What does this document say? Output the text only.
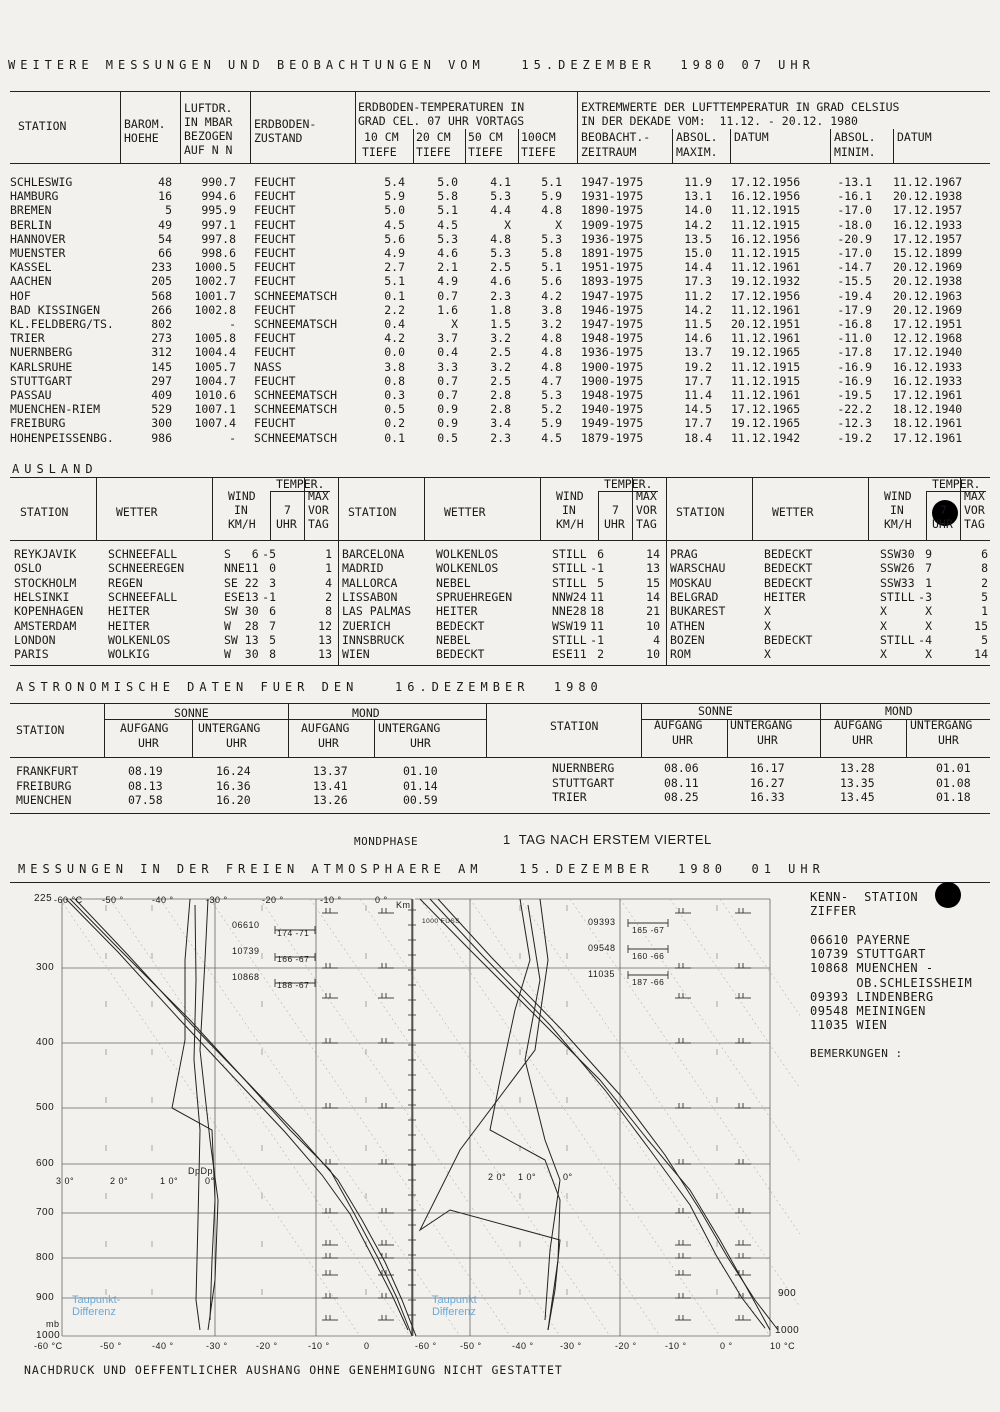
WEITERE MESSUNGEN UND BEOBACHTUNGEN VOM   15.DEZEMBER  1980 07 UHR
STATION	BAROM.
HOEHE
LUFTDR.
IN MBAR
BEZOGEN
AUF N N
ERDBODEN-
ZUSTAND
ERDBODEN-TEMPERATUREN IN
GRAD CEL. 07 UHR VORTAGS
10 CM 20 CM 50 CM 100CM
TIEFE TIEFE TIEFE TIEFE
EXTREMWERTE DER LUFTTEMPERATUR IN GRAD CELSIUS
IN DER DEKADE VOM:  11.12. - 20.12. 1980
BEOBACHT.-
ZEITRAUM
ABSOL.
MAXIM.
DATUM	ABSOL.
MINIM.
DATUM
SCHLESWIG	48	990.7 FEUCHT	5.4	5.0	4.1	5.1 1947-1975	11.9 17.12.1956	-13.1 11.12.1967
HAMBURG	16	994.6 FEUCHT	5.9	5.8	5.3	5.9 1931-1975	13.1 16.12.1956	-16.1 20.12.1938
BREMEN	5	995.9 FEUCHT	5.0	5.1	4.4	4.8 1890-1975	14.0 11.12.1915	-17.0 17.12.1957
BERLIN	49	997.1 FEUCHT	4.5	4.5	X	X 1909-1975	14.2 11.12.1915	-18.0 16.12.1933
HANNOVER	54	997.8 FEUCHT	5.6	5.3	4.8	5.3 1936-1975	13.5 16.12.1956	-20.9 17.12.1957
MUENSTER	66	998.6 FEUCHT	4.9	4.6	5.3	5.8 1891-1975	15.0 11.12.1915	-17.0 15.12.1899
KASSEL	233	1000.5 FEUCHT	2.7	2.1	2.5	5.1 1951-1975	14.4 11.12.1961	-14.7 20.12.1969
AACHEN	205	1002.7 FEUCHT	5.1	4.9	4.6	5.6 1893-1975	17.3 19.12.1932	-15.5 20.12.1938
HOF	568	1001.7 SCHNEEMATSCH	0.1	0.7	2.3	4.2 1947-1975	11.2 17.12.1956	-19.4 20.12.1963
BAD KISSINGEN	266	1002.8 FEUCHT	2.2	1.6	1.8	3.8 1946-1975	14.2 11.12.1961	-17.9 20.12.1969
KL.FELDBERG/TS.	802	- SCHNEEMATSCH	0.4	X	1.5	3.2 1947-1975	11.5 20.12.1951	-16.8 17.12.1951
TRIER	273	1005.8 FEUCHT	4.2	3.7	3.2	4.8 1948-1975	14.6 11.12.1961	-11.0 12.12.1968
NUERNBERG	312	1004.4 FEUCHT	0.0	0.4	2.5	4.8 1936-1975	13.7 19.12.1965	-17.8 17.12.1940
KARLSRUHE	145	1005.7 NASS	3.8	3.3	3.2	4.8 1900-1975	19.2 11.12.1915	-16.9 16.12.1933
STUTTGART	297	1004.7 FEUCHT	0.8	0.7	2.5	4.7 1900-1975	17.7 11.12.1915	-16.9 16.12.1933
PASSAU	409	1010.6 SCHNEEMATSCH	0.3	0.7	2.8	5.3 1948-1975	11.4 11.12.1961	-19.5 17.12.1961
MUENCHEN-RIEM	529	1007.1 SCHNEEMATSCH	0.5	0.9	2.8	5.2 1940-1975	14.5 17.12.1965	-22.2 18.12.1940
FREIBURG	300	1007.4 FEUCHT	0.2	0.9	3.4	5.9 1949-1975	17.7 19.12.1965	-12.3 18.12.1961
HOHENPEISSENBG.	986	- SCHNEEMATSCH	0.1	0.5	2.3	4.5 1879-1975	18.4 11.12.1942	-19.2 17.12.1961
AUSLAND
STATION	WETTER
WIND
IN
KM/H
TEMPER.
7
UHR
MAX
VOR
TAG
STATION	WETTER
WIND
IN
KM/H
TEMPER.
7
UHR
MAX
VOR
TAG
STATION	WETTER
WIND
IN
KM/H
TEMPER.
7
UHR
MAX
VOR
TAG
REYKJAVIK	SCHNEEFALL	S   6 -5	1 BARCELONA	WOLKENLOS	STILL 6	14 PRAG	BEDECKT	SSW30 9	6
OSLO	SCHNEEREGEN	NNE11 0	1 MADRID	WOLKENLOS	STILL -1	13 WARSCHAU	BEDECKT	SSW26 7	8
STOCKHOLM	REGEN	SE 22 3	4 MALLORCA	NEBEL	STILL 5	15 MOSKAU	BEDECKT	SSW33 1	2
HELSINKI	SCHNEEFALL	ESE13 -1	2 LISSABON	SPRUEHREGEN	NNW24 11	14 BELGRAD	HEITER	STILL -3	5
KOPENHAGEN HEITER	SW 30 6	8 LAS PALMAS HEITER	NNE28 18	21 BUKAREST	X	X	X	1
AMSTERDAM	HEITER	W  28 7	12 ZUERICH	BEDECKT	WSW19 11	10 ATHEN	X	X	X	15
LONDON	WOLKENLOS	SW 13 5	13 INNSBRUCK	NEBEL	STILL -1	4 BOZEN	BEDECKT	STILL -4	5
PARIS	WOLKIG	W  30 8	13 WIEN	BEDECKT	ESE11 2	10 ROM	X	X	X	14
ASTRONOMISCHE DATEN FUER DEN   16.DEZEMBER  1980
STATION
SONNE	MOND
AUFGANG	UNTERGANG	AUFGANG UNTERGANG
UHR	UHR	UHR	UHR
STATION
SONNE	MOND
AUFGANG UNTERGANG	AUFGANG UNTERGANG
UHR	UHR	UHR	UHR
FRANKFURT	08.19	16.24	13.37	01.10
FREIBURG	08.13	16.36	13.41	01.14
MUENCHEN	07.58	16.20	13.26	00.59
NUERNBERG	08.06	16.17	13.28	01.01
STUTTGART	08.11	16.27	13.35	01.08
TRIER	08.25	16.33	13.45	01.18
MONDPHASE	1  TAG NACH ERSTEM VIERTEL
MESSUNGEN IN DER FREIEN ATMOSPHAERE AM   15.DEZEMBER  1980  01 UHR
225
300
400
500
600
700
800
900
1000
mb
-60 °C -50 °	-40 °	-30 °	-20 °	-10 °	0 °
-60 °C	-50 °	-40 °	-30 °	-20 °	-10 °	0	-60 °	-50 °	-40 °	-30 °	-20 °	-10 °	0 °	10 °C
3 0°	2 0°	1 0°	0°	2 0° 1 0°	0°
DpDp
Km
1000 FUSS
1000
900
06610
174 -71
10739
166 -67
10868
188 -67
09393
165 -67
09548
160 -66
11035
187 -66
Taupunkt-
Differenz
Taupunkt
Differenz
KENN-  STATION
ZIFFER
06610 PAYERNE
10739 STUTTGART
10868 MUENCHEN -
OB.SCHLEISSHEIM
09393 LINDENBERG
09548 MEININGEN
11035 WIEN
BEMERKUNGEN :
NACHDRUCK UND OEFFENTLICHER AUSHANG OHNE GENEHMIGUNG NICHT GESTATTET
